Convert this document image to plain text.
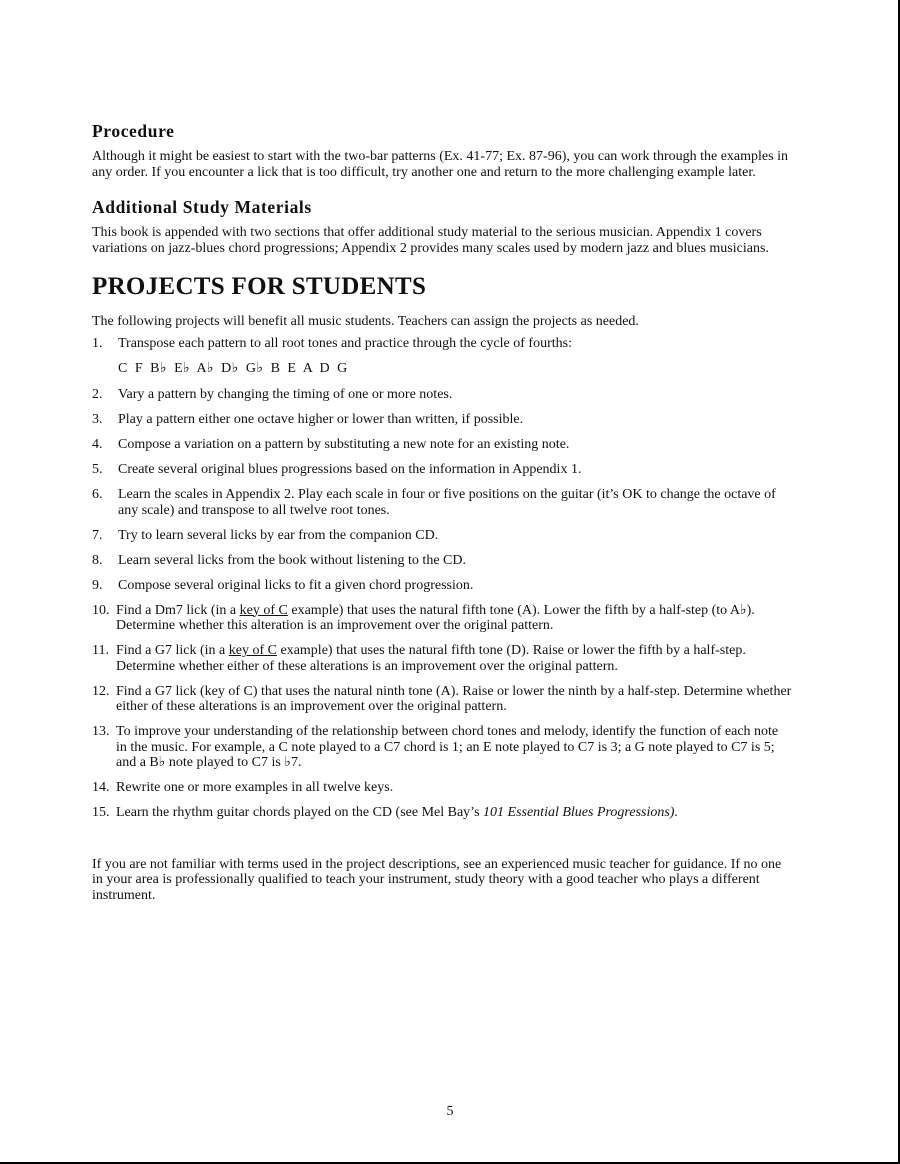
Procedure

Although it might be easiest to start with the two-bar patterns (Ex. 41-77; Ex. 87-96), you can work through the examples in any order. If you encounter a lick that is too difficult, try another one and return to the more challenging example later.

Additional Study Materials

This book is appended with two sections that offer additional study material to the serious musician. Appendix 1 covers variations on jazz-blues chord progressions; Appendix 2 provides many scales used by modern jazz and blues musicians.

PROJECTS FOR STUDENTS

The following projects will benefit all music students. Teachers can assign the projects as needed.

1. Transpose each pattern to all root tones and practice through the cycle of fourths:
C F B♭ E♭ A♭ D♭ G♭ B E A D G
2. Vary a pattern by changing the timing of one or more notes.
3. Play a pattern either one octave higher or lower than written, if possible.
4. Compose a variation on a pattern by substituting a new note for an existing note.
5. Create several original blues progressions based on the information in Appendix 1.
6. Learn the scales in Appendix 2. Play each scale in four or five positions on the guitar (it’s OK to change the octave of any scale) and transpose to all twelve root tones.
7. Try to learn several licks by ear from the companion CD.
8. Learn several licks from the book without listening to the CD.
9. Compose several original licks to fit a given chord progression.
10. Find a Dm7 lick (in a key of C example) that uses the natural fifth tone (A). Lower the fifth by a half-step (to A♭). Determine whether this alteration is an improvement over the original pattern.
11. Find a G7 lick (in a key of C example) that uses the natural fifth tone (D). Raise or lower the fifth by a half-step. Determine whether either of these alterations is an improvement over the original pattern.
12. Find a G7 lick (key of C) that uses the natural ninth tone (A). Raise or lower the ninth by a half-step. Determine whether either of these alterations is an improvement over the original pattern.
13. To improve your understanding of the relationship between chord tones and melody, identify the function of each note in the music. For example, a C note played to a C7 chord is 1; an E note played to C7 is 3; a G note played to C7 is 5; and a B♭ note played to C7 is ♭7.
14. Rewrite one or more examples in all twelve keys.
15. Learn the rhythm guitar chords played on the CD (see Mel Bay’s 101 Essential Blues Progressions).

If you are not familiar with terms used in the project descriptions, see an experienced music teacher for guidance. If no one in your area is professionally qualified to teach your instrument, study theory with a good teacher who plays a different instrument.

5
